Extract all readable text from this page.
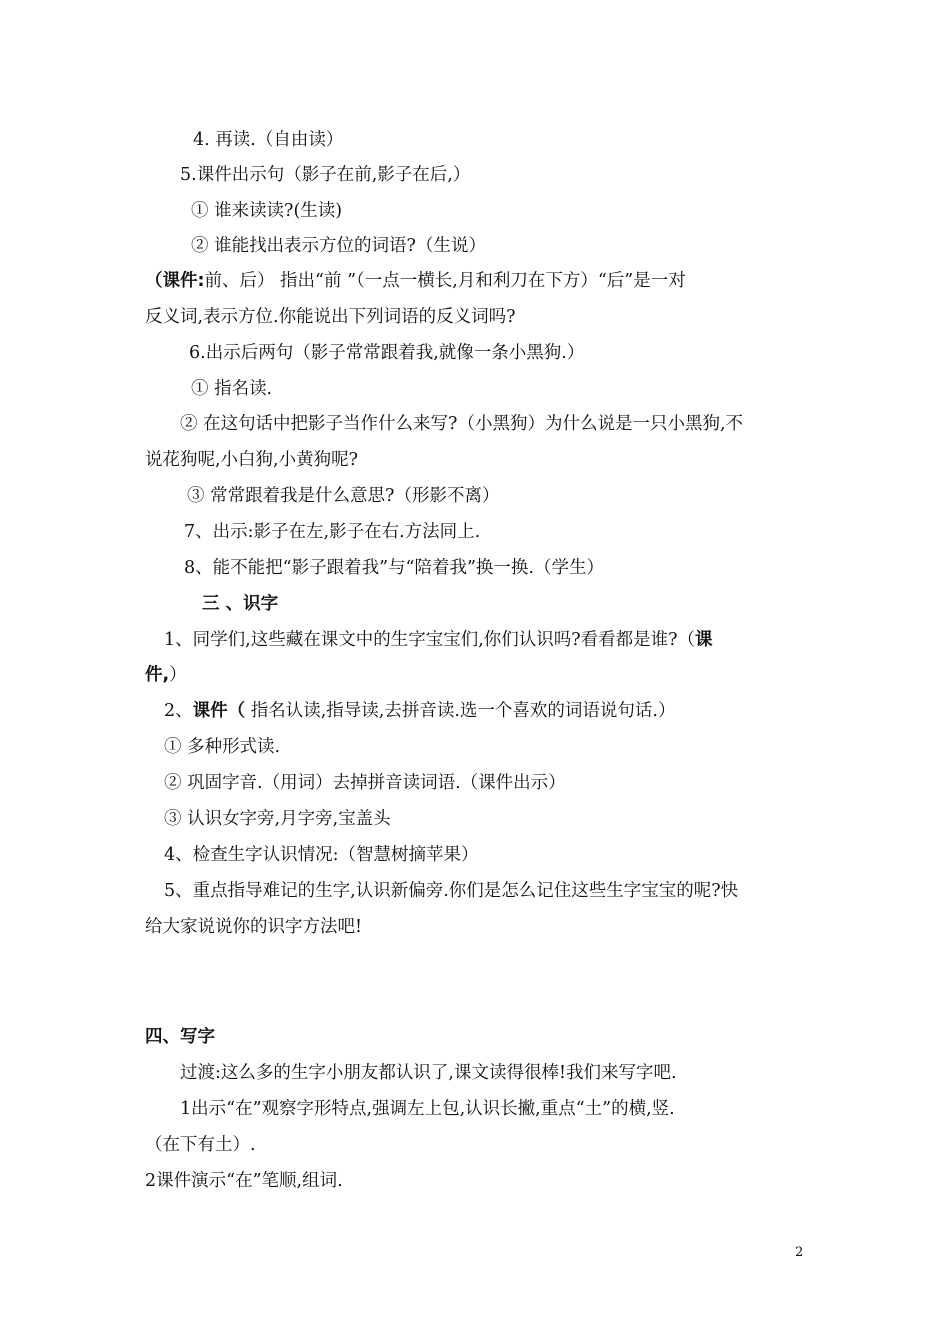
4. 再读.（自由读）
5.课件出示句（影子在前,影子在后,）
① 谁来读读?(生读)
② 谁能找出表示方位的词语?（生说）
（课件:前、后） 指出“前 ”（一点一横长,月和利刀在下方）“后”是一对
反义词,表示方位.你能说出下列词语的反义词吗?
6.出示后两句（影子常常跟着我,就像一条小黑狗.）
① 指名读.
② 在这句话中把影子当作什么来写?（小黑狗）为什么说是一只小黑狗,不
说花狗呢,小白狗,小黄狗呢?
③ 常常跟着我是什么意思?（形影不离）
7、出示:影子在左,影子在右.方法同上.
8、能不能把“影子跟着我”与“陪着我”换一换.（学生）
三 、识字
1、同学们,这些藏在课文中的生字宝宝们,你们认识吗?看看都是谁?（课
件,）
2、课件（ 指名认读,指导读,去拼音读.选一个喜欢的词语说句话.）
① 多种形式读.
② 巩固字音.（用词）去掉拼音读词语.（课件出示）
③ 认识女字旁,月字旁,宝盖头
4、检查生字认识情况:（智慧树摘苹果）
5、重点指导难记的生字,认识新偏旁.你们是怎么记住这些生字宝宝的呢?快
给大家说说你的识字方法吧!
四、写字
过渡:这么多的生字小朋友都认识了,课文读得很棒!我们来写字吧.
1出示“在”观察字形特点,强调左上包,认识长撇,重点“土”的横,竖.
（在下有土）.
2课件演示“在”笔顺,组词.
2
